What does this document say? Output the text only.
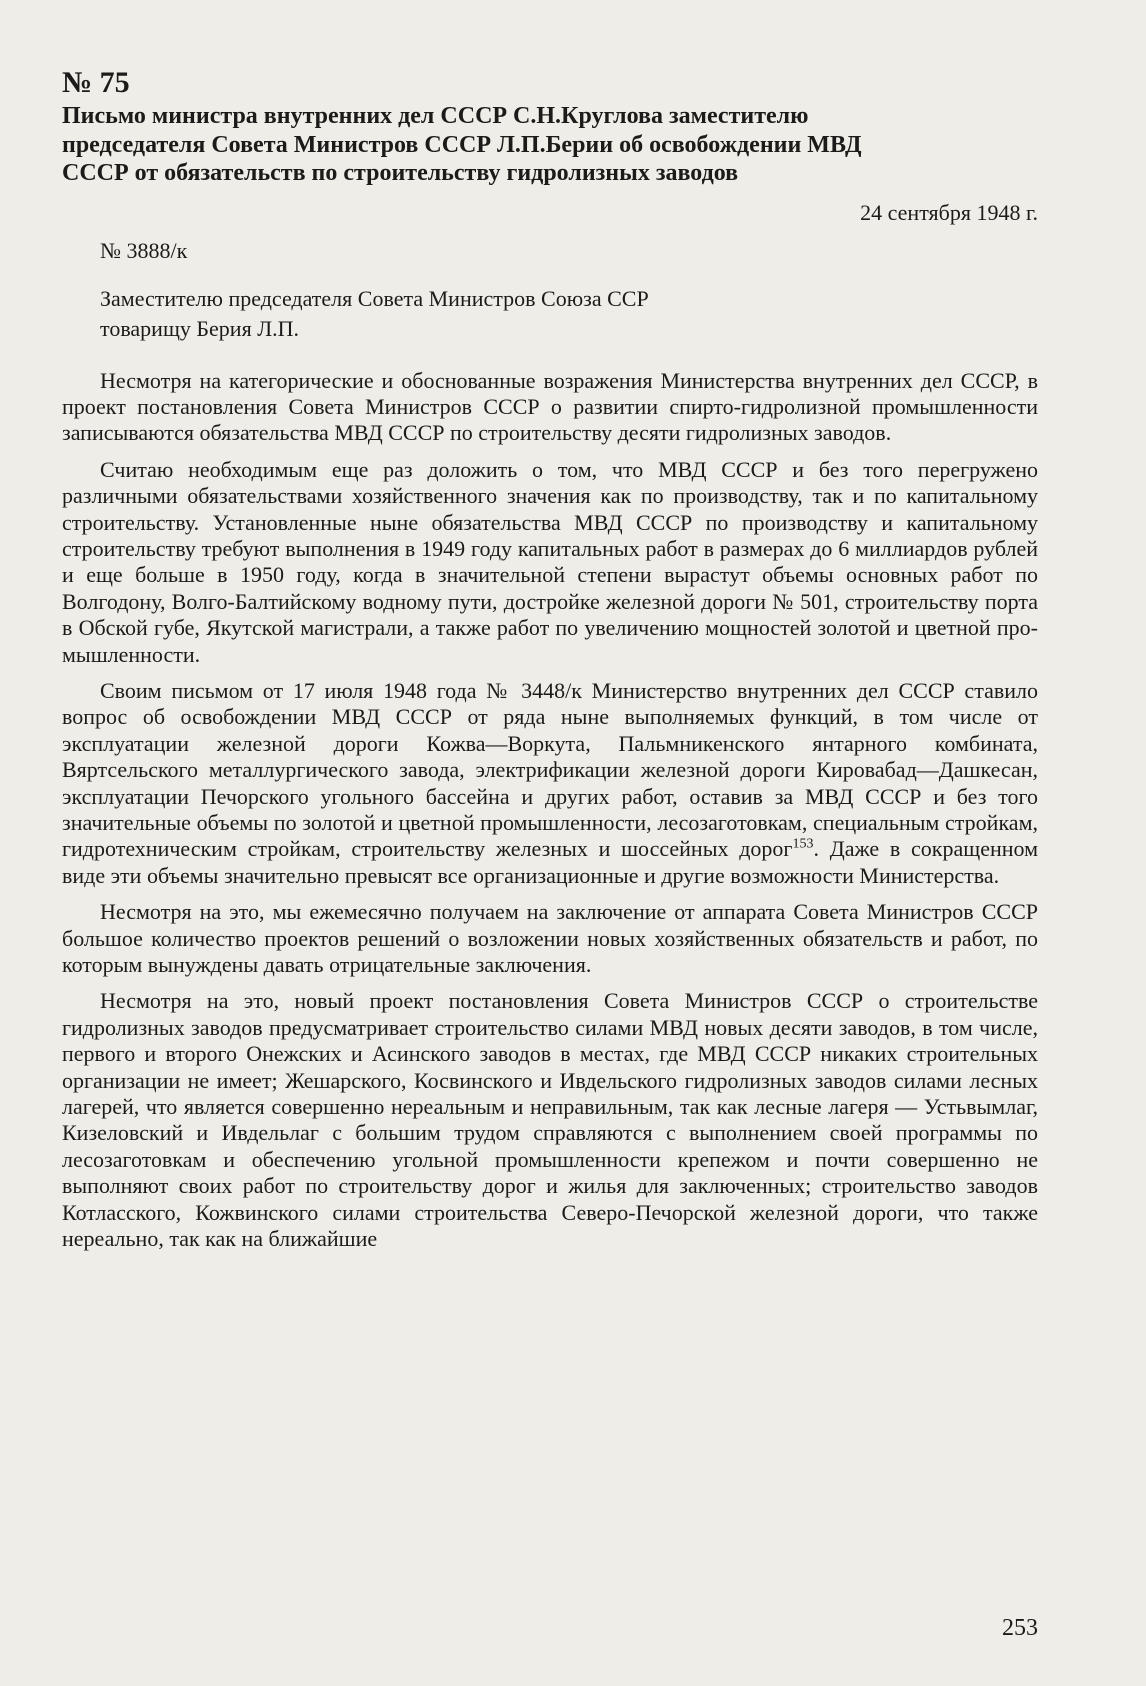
№ 75
Письмо министра внутренних дел СССР С.Н.Круглова заместителю председателя Совета Министров СССР Л.П.Берии об освобождении МВД СССР от обязательств по строительству гидролизных заводов
24 сентября 1948 г.
№ 3888/к
Заместителю председателя Совета Министров Союза ССР
товарищу Берия Л.П.

Несмотря на категорические и обоснованные возражения Министерства внутренних дел СССР, в проект постановления Совета Министров СССР о развитии спирто-гидролизной промышленности записываются обязательства МВД СССР по строительству десяти гидролизных заводов.

Считаю необходимым еще раз доложить о том, что МВД СССР и без того перегружено различными обязательствами хозяйственного значения как по производству, так и по капитальному строительству. Установленные ныне обязательства МВД СССР по производству и капитальному строительству требуют выполнения в 1949 году капитальных работ в размерах до 6 миллиардов рублей и еще больше в 1950 году, когда в значительной степени вырастут объемы основных работ по Волгодону, Волго-Балтийскому водному пути, достройке железной дороги № 501, строительству порта в Обской губе, Якутской магистрали, а также работ по увеличению мощностей золотой и цветной промышленности.

Своим письмом от 17 июля 1948 года № 3448/к Министерство внутренних дел СССР ставило вопрос об освобождении МВД СССР от ряда ныне выполняемых функций, в том числе от эксплуатации железной дороги Кожва—Воркута, Пальмникенского янтарного комбината, Вяртсельского металлургического завода, электрификации железной дороги Кировабад—Дашкесан, эксплуатации Печорского угольного бассейна и других работ, оставив за МВД СССР и без того значительные объемы по золотой и цветной промышленности, лесозаготовкам, специальным стройкам, гидротехническим стройкам, строительству железных и шоссейных дорог$^{153}$. Даже в сокращенном виде эти объемы значительно превысят все организационные и другие возможности Министерства.

Несмотря на это, мы ежемесячно получаем на заключение от аппарата Совета Министров СССР большое количество проектов решений о возложении новых хозяйственных обязательств и работ, по которым вынуждены давать отрицательные заключения.

Несмотря на это, новый проект постановления Совета Министров СССР о строительстве гидролизных заводов предусматривает строительство силами МВД новых десяти заводов, в том числе, первого и второго Онежских и Асинского заводов в местах, где МВД СССР никаких строительных организации не имеет; Жешарского, Косвинского и Ивдельского гидролизных заводов силами лесных лагерей, что является совершенно нереальным и неправильным, так как лесные лагеря — Устьвымлаг, Кизеловский и Ивдельлаг с большим трудом справляются с выполнением своей программы по лесозаготовкам и обеспечению угольной промышленности крепежом и почти совершенно не выполняют своих работ по строительству дорог и жилья для заключенных; строительство заводов Котласского, Кожвинского силами строительства Северо-Печорской железной дороги, что также нереально, так как на ближайшие

253
